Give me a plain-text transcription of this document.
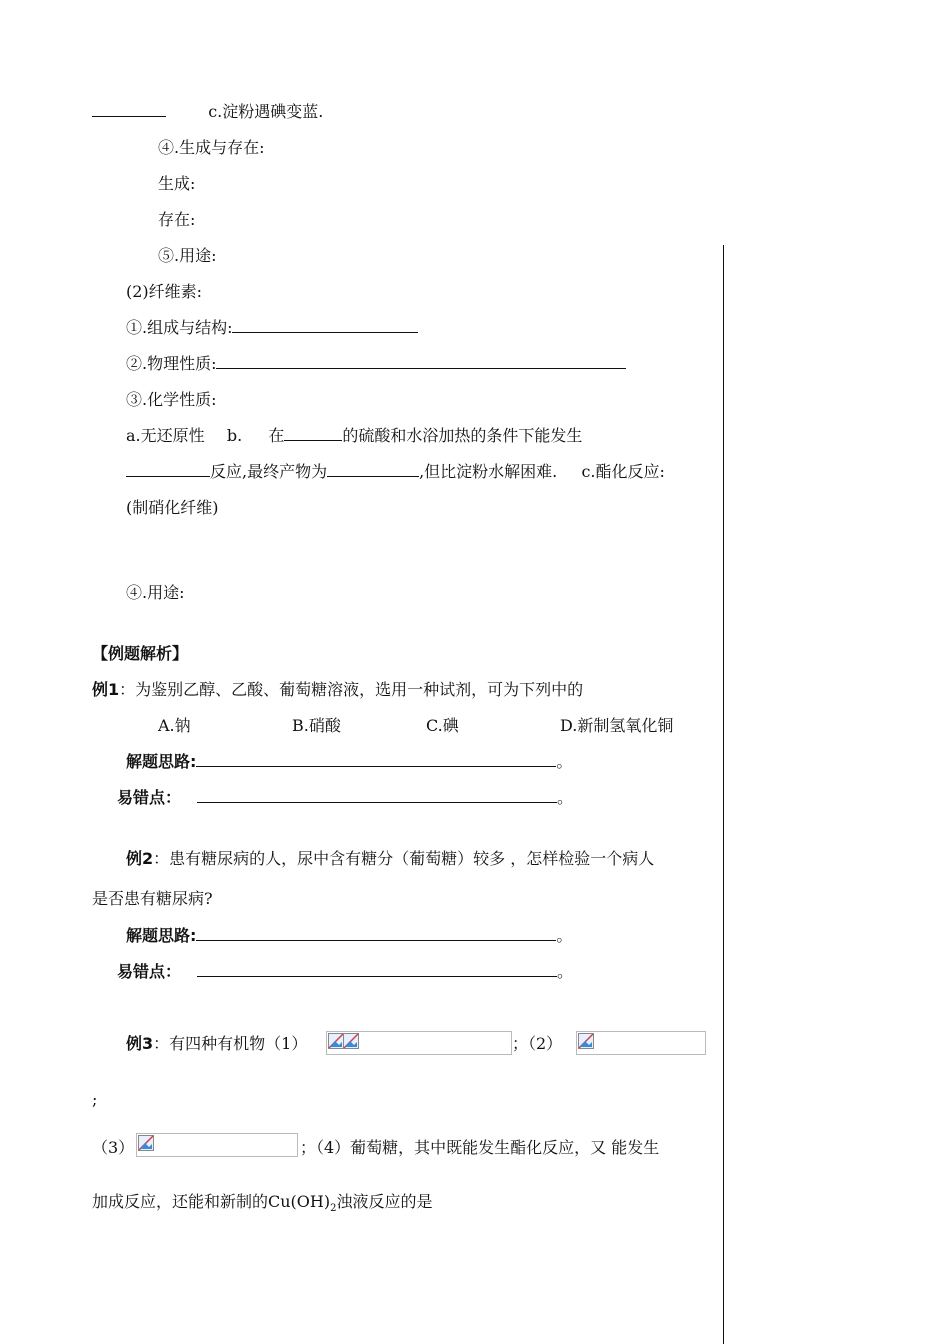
c.淀粉遇碘变蓝.
④.生成与存在:
生成:
存在:
⑤.用途:
(2)纤维素:
①.组成与结构:
②.物理性质:
③.化学性质:
a.无还原性 b. 在	的硫酸和水浴加热的条件下能发生
反应,最终产物为	,但比淀粉水解困难. c.酯化反应:
(制硝化纤维)
④.用途:
【例题解析】
例1：为鉴别乙醇、乙酸、葡萄糖溶液，选用一种试剂，可为下列中的
A.钠	B.硝酸	C.碘	D.新制氢氧化铜
解题思路:	。
易错点：	。
例2：患有糖尿病的人，尿中含有糖分（葡萄糖）较多 ，怎样检验一个病人
是否患有糖尿病?
解题思路:	。
易错点：	。
例3：有四种有机物（1）	；（2）
;
（3）	；（4）葡萄糖，其中既能发生酯化反应，又 能发生
加成反应，还能和新制的$Cu(OH)_2$浊液反应的是
